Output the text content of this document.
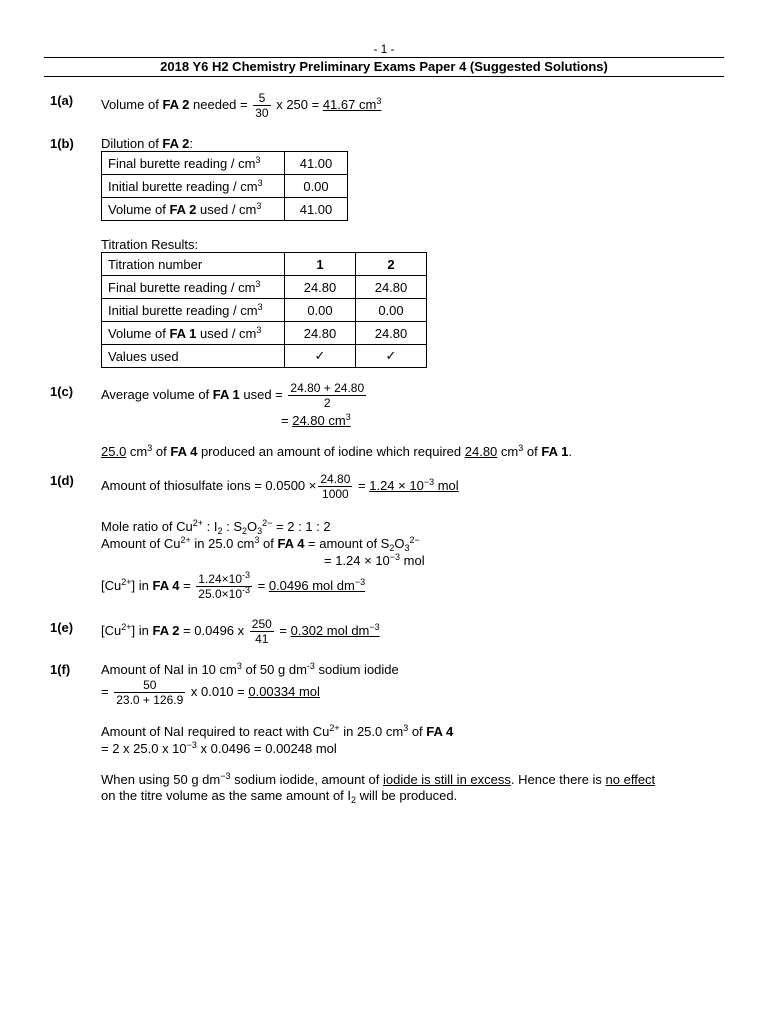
- 1 -
2018 Y6 H2 Chemistry Preliminary Exams Paper 4 (Suggested Solutions)
1(a) Volume of FA 2 needed = $\frac{5}{30}$ x 250 = 41.67 $cm^3$
1(b) Dilution of FA 2:
Final burette reading / $cm^3$	41.00
Initial burette reading / $cm^3$	0.00
Volume of FA 2 used / $cm^3$	41.00
Titration Results:
Titration number	1	2
Final burette reading / $cm^3$	24.80	24.80
Initial burette reading / $cm^3$	0.00	0.00
Volume of FA 1 used / $cm^3$	24.80	24.80
Values used	✓	✓
1(c) Average volume of FA 1 used = $\frac{24.80 + 24.80}{2}$
= 24.80 $cm^3$
25.0 $cm^3$ of FA 4 produced an amount of iodine which required 24.80 $cm^3$ of FA 1.
1(d) Amount of thiosulfate ions = $0.0500 \times \frac{24.80}{1000} = 1.24 \times 10^{-3}$ mol
Mole ratio of $Cu^{2+}$ : $I_2$ : $S_2O_3^{2-} = 2$ : 1 : 2
Amount of $Cu^{2+}$ in 25.0 $cm^3$ of FA 4 = amount of $S_2O_3^{2-}$
= $1.24 \times 10^{-3}$ mol
$[Cu^{2+}]$ in FA $4 = \frac{1.24\times 10^{-3}}{25.0\times 10^{-3}} = 0.0496$ mol $dm^{-3}$
1(e) $[Cu^{2+}]$ in FA 2 = 0.0496 x $\frac{250}{41} = 0.302$ mol $dm^{-3}$
1(f) Amount of NaI in 10 $cm^3$ of 50 g $dm^{-3}$ sodium iodide
= $\frac{50}{23.0 + 126.9}$ x 0.010 = 0.00334 mol
Amount of NaI required to react with $Cu^{2+}$ in 25.0 $cm^3$ of FA 4
= 2 x 25.0 x $10^{-3}$ x 0.0496 = 0.00248 mol
When using 50 g $dm^{-3}$ sodium iodide, amount of iodide is still in excess. Hence there is no effect
on the titre volume as the same amount of $I_2$ will be produced.
